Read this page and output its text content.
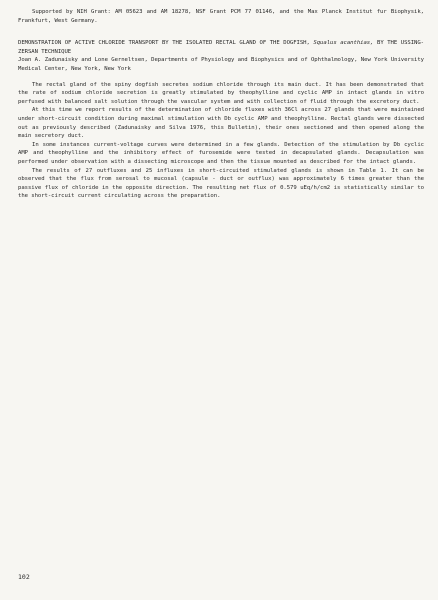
Supported by NIH Grant: AM 05623 and AM 18278, NSF Grant PCM 77 01146, and the Max Planck Institut fur Biophysik, Frankfurt, West Germany.

DEMONSTRATION OF ACTIVE CHLORIDE TRANSPORT BY THE ISOLATED RECTAL GLAND OF THE DOGFISH, Squalus acanthias, BY THE USSING-ZERSAN TECHNIQUE

Joan A. Zadunaisky and Lone Gerneltsen, Departments of Physiology and Biophysics and of Ophthalmology, New York University Medical Center, New York, New York

The rectal gland of the spiny dogfish secretes sodium chloride through its main duct. It has been demonstrated that the rate of sodium chloride secretion is greatly stimulated by theophylline and cyclic AMP in intact glands in vitro perfused with balanced salt solution through the vascular system and with collection of fluid through the excretory duct.

At this time we report results of the determination of chloride fluxes with 36Cl across 27 glands that were maintained under short-circuit condition during maximal stimulation with Db cyclic AMP and theophylline. Rectal glands were dissected out as previously described (Zadunaisky and Silva 1976, this Bulletin), their ones sectioned and then opened along the main secretory duct.

In some instances current-voltage curves were determined in a few glands. Detection of the stimulation by Db cyclic AMP and theophylline and the inhibitory effect of furosemide were tested in decapsulated glands. Decapsulation was performed under observation with a dissecting microscope and then the tissue mounted as described for the intact glands.

The results of 27 outfluxes and 25 influxes in short-circuited stimulated glands is shown in Table 1. It can be observed that the flux from serosal to mucosal (capsule - duct or outflux) was approximately 6 times greater than the passive flux of chloride in the opposite direction. The resulting net flux of 0.579 uEq/h/cm2 is statistically similar to the short-circuit current circulating across the preparation.

102
